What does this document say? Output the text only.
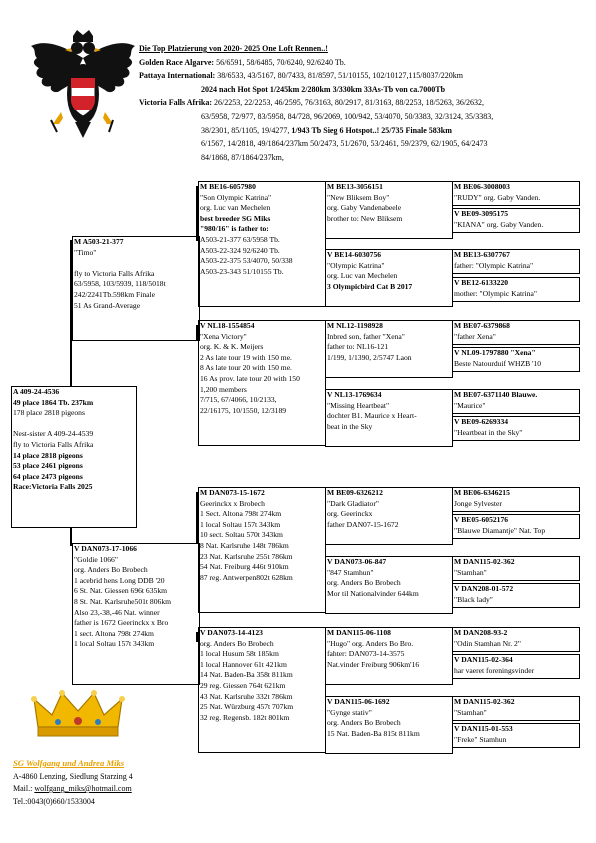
Die Top Platzierung von 2020- 2025 One Loft Rennen..!
Golden Race Algarve: 56/6591, 58/6485, 70/6240, 92/6240 Tb.
Pattaya International: 38/6533, 43/5167, 80/7433, 81/8597, 51/10155, 102/10127,115/8037/220km
2024 nach Hot Spot 1/245km 2/280km 3/330km 33As-Tb von ca.7000Tb
Victoria Falls Afrika: 26/2253, 22/2253, 46/2595, 76/3163, 80/2917, 81/3163, 88/2253, 18/5263, 36/2632,
63/5958, 72/977, 83/5958, 84/728, 96/2069, 100/942, 53/4070, 50/3383, 32/3124, 35/3383,
38/2301, 85/1105, 19/4277, 1/943 Tb Sieg 6 Hotspot..! 25/735 Finale 583km
6/1567, 14/2818, 49/1864/237km 50/2473, 51/2670, 53/2461, 59/2379, 62/1905, 64/2473
84/1868, 87/1864/237km,
A 409-24-4536
49 place 1864 Tb. 237km
178 place 2818 pigeons
Nest-sister A 409-24-4539
fly to Victoria Falls Afrika
14 place 2818 pigeons
53 place 2461 pigeons
64 place 2473 pigeons
Race:Victoria Falls 2025
M A503-21-377
"Timo"
fly to Victoria Falls Afrika
63/5958, 103/5939, 118/5018t
242/2241Tb.598km Finale
51 As Grand-Average
V DAN073-17-1066
"Goldie 1066"
org. Anders Bo Brobech
1 acebrid hens Long DDB '20
6 St. Nat. Giessen 696t 635km
8 St. Nat. Karlsruhe501t 806km
Also 23,-38,-46 Nat. winner
father is 1672 Geerinckx x Bro
1 sect. Altona 798t 274km
1 local Soltau 157t 343km
M BE16-6057980
"Son Olympic Katrina"
org. Luc van Mechelen
best breeder SG Miks
"980/16" is father to:
A503-21-377 63/5958 Tb.
A503-22-324 92/6240 Tb.
A503-22-375 53/4070, 50/338
A503-23-343 51/10155 Tb.
V NL18-1554854
"Xena Victory"
org. K. & K. Meijers
2 As late tour 19 with 150 me.
8 As late tour 20 with 150 me.
16 As prov. late tour 20 with 150
1,200 members
7/715, 67/4066, 10/2133,
22/16175, 10/1550, 12/3189
M DAN073-15-1672
Geerinckx x Brobech
1 Sect. Altona 798t 274km
1 local Soltau 157t 343km
10 sect. Soltau 570t 343km
8 Nat. Karlsruhe 148t 786km
23 Nat. Karlsruhe 255t 786km
54 Nat. Freiburg 446t 910km
87 reg. Antwerpen802t 628km
V DAN073-14-4123
org. Anders Bo Brobech
1 local Husum 58t 185km
1 local Hannover 61t 421km
14 Nat. Baden-Ba 358t 811km
29 reg. Giessen 764t 621km
43 Nat. Karlsruhe 332t 786km
25 Nat. Würzburg 457t 707km
32 reg. Regensb. 182t 801km
M BE13-3056151
"New Bliksem Boy"
org. Gaby Vandenabeele
brother to: New Bliksem
V BE14-6030756
"Olympic Katrina"
org. Luc van Mechelen
3 Olympicbird Cat B 2017
M NL12-1198928
Inbred son, father "Xena"
father to: NL16-121
1/199, 1/1390, 2/5747 Laon
V NL13-1769634
"Missing Heartbeat"
dochter B1. Maurice x Heart-
beat in the Sky
M BE09-6326212
"Dark Gladiator"
org. Geerinckx
father DAN07-15-1672
V DAN073-06-847
"847 Stamhun"
org. Anders Bo Brobech
Mor til Nationalvinder 644km
M DAN115-06-1108
"Hugo" org. Anders Bo Bro.
fahter: DAN073-14-3575
Nat.vinder Freiburg 906km'16
V DAN115-06-1692
"Gynge stativ"
org. Anders Bo Brobech
15 Nat. Baden-Ba 815t 811km
M BE06-3008003
"RUDY" org. Gaby Vanden.
V BE09-3095175
"KIANA" org. Gaby Vanden.
M BE13-6307767
father: "Olympic Katrina"
V BE12-6133220
mother: "Olympic Katrina"
M BE07-6379868
"father Xena"
V NL09-1797880 "Xena"
Beste Natourduif WHZB '10
M BE07-6371140 Blauwe.
"Maurice"
V BE09-6269334
"Heartbeat in the Sky"
M BE06-6346215
Jonge Sylvester
V BE05-6052176
"Blauwe Diamantje" Nat. Top
M DAN115-02-362
"Stamhan"
V DAN208-01-572
"Black lady"
M DAN208-93-2
"Odin Stamhan Nr. 2"
V DAN115-02-364
har vaeret foreningsvinder
M DAN115-02-362
"Stamhan"
V DAN115-01-553
"Freke" Stamhun
SG Wolfgang und Andrea Miks
A-4860 Lenzing, Siedlung Starzing 4
Mail.: wolfgang_miks@hotmail.com
Tel.:0043(0)660/1533004
